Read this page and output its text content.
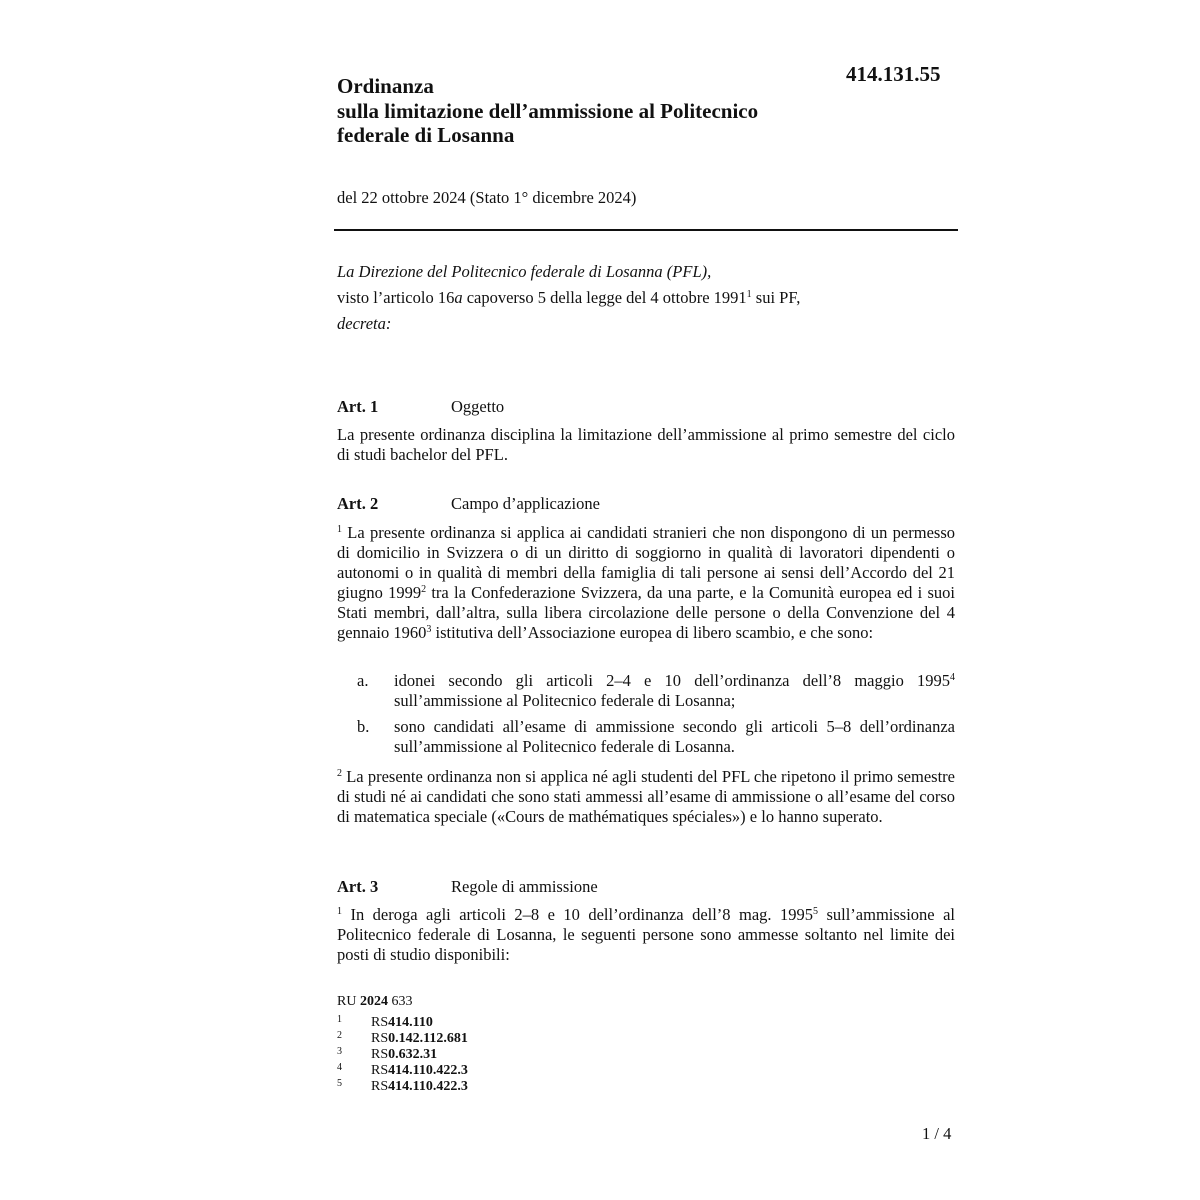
414.131.55
Ordinanza
sulla limitazione dell’ammissione al Politecnico
federale di Losanna
del 22 ottobre 2024 (Stato 1° dicembre 2024)
La Direzione del Politecnico federale di Losanna (PFL),
visto l’articolo 16a capoverso 5 della legge del 4 ottobre 1991$^1$ sui PF,
decreta:
Art. 1	Oggetto

La presente ordinanza disciplina la limitazione dell’ammissione al primo semestre del ciclo di studi bachelor del PFL.

Art. 2	Campo d’applicazione

$^1$ La presente ordinanza si applica ai candidati stranieri che non dispongono di un permesso di domicilio in Svizzera o di un diritto di soggiorno in qualità di lavoratori dipendenti o autonomi o in qualità di membri della famiglia di tali persone ai sensi dell’Accordo del 21 giugno 1999$^2$ tra la Confederazione Svizzera, da una parte, e la Comunità europea ed i suoi Stati membri, dall’altra, sulla libera circolazione delle persone o della Convenzione del 4 gennaio 1960$^3$ istitutiva dell’Associazione europea di libero scambio, e che sono:

a.	idonei secondo gli articoli 2–4 e 10 dell’ordinanza dell’8 maggio 1995$^4$ sull’ammissione al Politecnico federale di Losanna;
b.	sono candidati all’esame di ammissione secondo gli articoli 5–8 dell’ordinanza sull’ammissione al Politecnico federale di Losanna.

$^2$ La presente ordinanza non si applica né agli studenti del PFL che ripetono il primo semestre di studi né ai candidati che sono stati ammessi all’esame di ammissione o all’esame del corso di matematica speciale («Cours de mathématiques spéciales») e lo hanno superato.

Art. 3	Regole di ammissione

$^1$ In deroga agli articoli 2–8 e 10 dell’ordinanza dell’8 mag. 1995$^5$ sull’ammissione al Politecnico federale di Losanna, le seguenti persone sono ammesse soltanto nel limite dei posti di studio disponibili:

RU 2024 633
1	RS 414.110
2	RS 0.142.112.681
3	RS 0.632.31
4	RS 414.110.422.3
5	RS 414.110.422.3
1 / 4
